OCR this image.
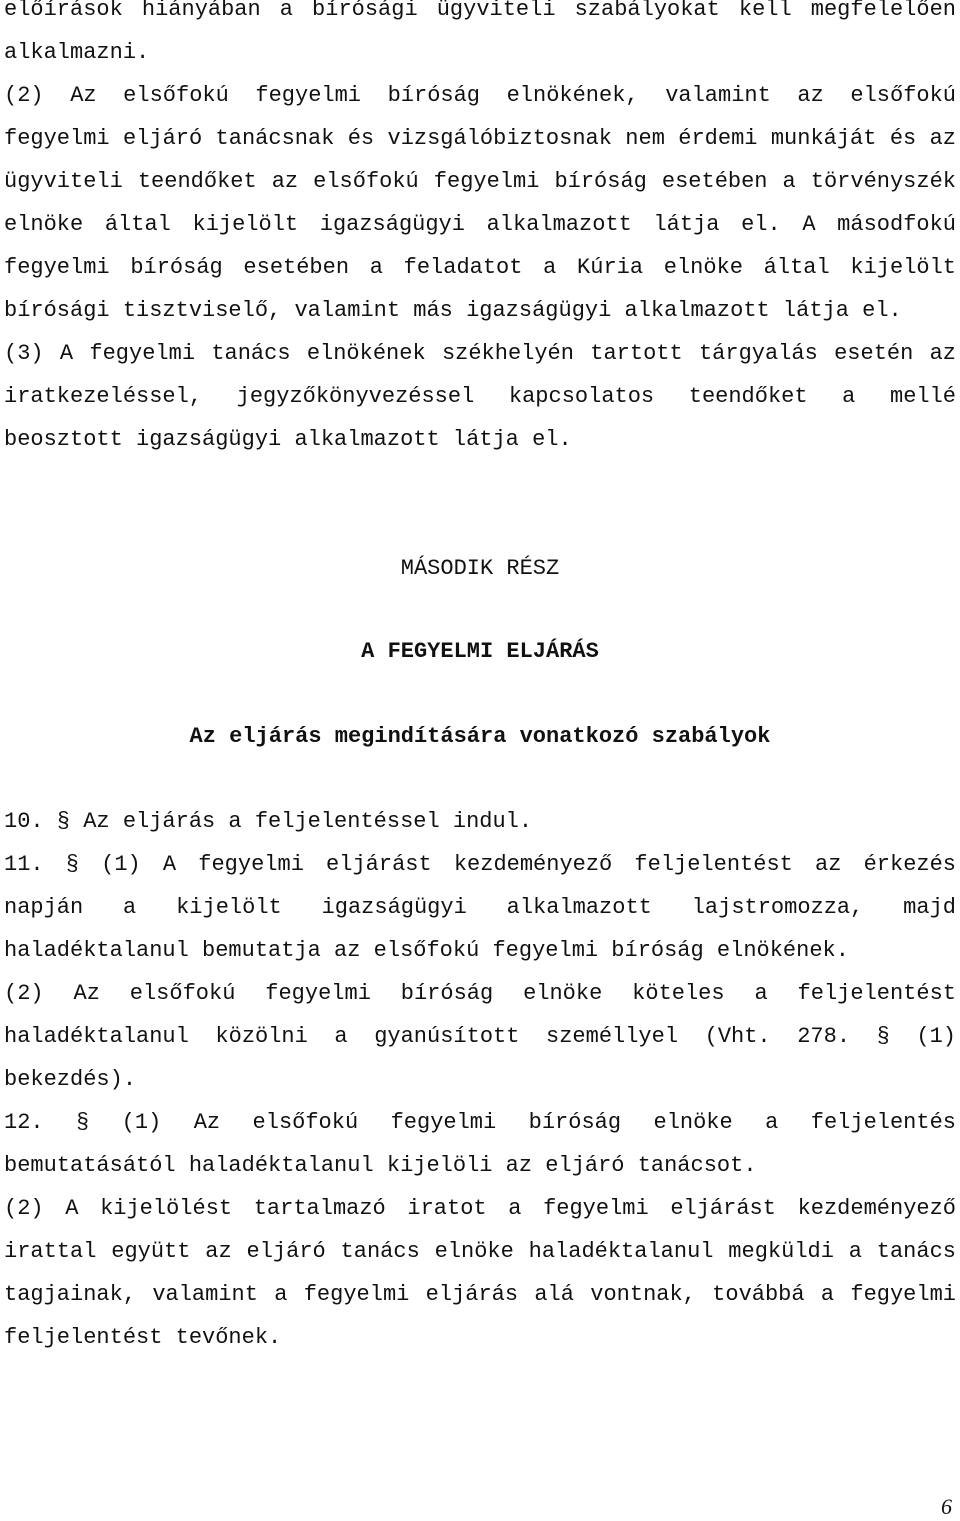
előírások hiányában a bírósági ügyviteli szabályokat kell megfelelően alkalmazni.

(2) Az elsőfokú fegyelmi bíróság elnökének, valamint az elsőfokú fegyelmi eljáró tanácsnak és vizsgálóbiztosnak nem érdemi munkáját és az ügyviteli teendőket az elsőfokú fegyelmi bíróság esetében a törvényszék elnöke által kijelölt igazságügyi alkalmazott látja el. A másodfokú fegyelmi bíróság esetében a feladatot a Kúria elnöke által kijelölt bírósági tisztviselő, valamint más igazságügyi alkalmazott látja el.

(3) A fegyelmi tanács elnökének székhelyén tartott tárgyalás esetén az iratkezeléssel, jegyzőkönyvezéssel kapcsolatos teendőket a mellé beosztott igazságügyi alkalmazott látja el.

MÁSODIK RÉSZ

A FEGYELMI ELJÁRÁS

Az eljárás megindítására vonatkozó szabályok

10. § Az eljárás a feljelentéssel indul.

11. § (1) A fegyelmi eljárást kezdeményező feljelentést az érkezés napján a kijelölt igazságügyi alkalmazott lajstromozza, majd haladéktalanul bemutatja az elsőfokú fegyelmi bíróság elnökének.

(2) Az elsőfokú fegyelmi bíróság elnöke köteles a feljelentést haladéktalanul közölni a gyanúsított személlyel (Vht. 278. § (1) bekezdés).

12. § (1) Az elsőfokú fegyelmi bíróság elnöke a feljelentés bemutatásától haladéktalanul kijelöli az eljáró tanácsot.

(2) A kijelölést tartalmazó iratot a fegyelmi eljárást kezdeményező irattal együtt az eljáró tanács elnöke haladéktalanul megküldi a tanács tagjainak, valamint a fegyelmi eljárás alá vontnak, továbbá a fegyelmi feljelentést tevőnek.

6
